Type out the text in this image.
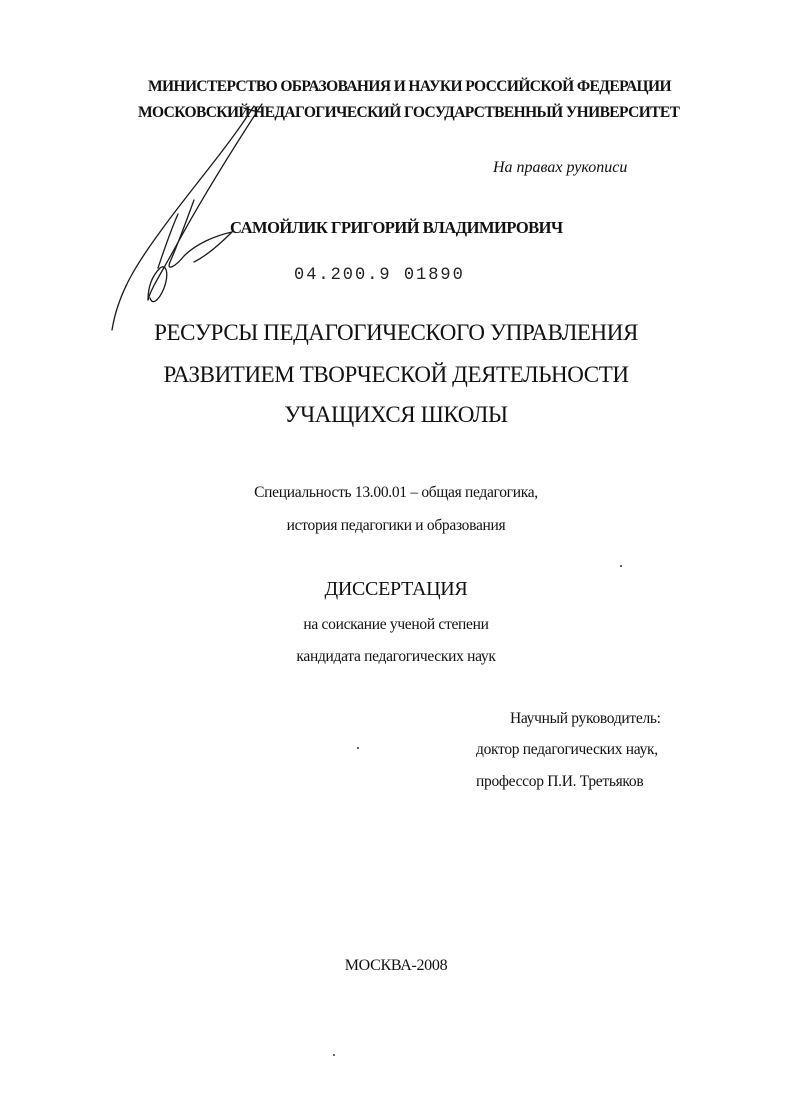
МИНИСТЕРСТВО ОБРАЗОВАНИЯ И НАУКИ РОССИЙСКОЙ ФЕДЕРАЦИИ
МОСКОВСКИЙ ПЕДАГОГИЧЕСКИЙ ГОСУДАРСТВЕННЫЙ УНИВЕРСИТЕТ
На правах рукописи
САМОЙЛИК ГРИГОРИЙ ВЛАДИМИРОВИЧ
04.200.9 01890
РЕСУРСЫ ПЕДАГОГИЧЕСКОГО УПРАВЛЕНИЯ
РАЗВИТИЕМ ТВОРЧЕСКОЙ ДЕЯТЕЛЬНОСТИ
УЧАЩИХСЯ ШКОЛЫ
Специальность 13.00.01 – общая педагогика,
история педагогики и образования
ДИССЕРТАЦИЯ
на соискание ученой степени
кандидата педагогических наук
Научный руководитель:
доктор педагогических наук,
профессор П.И. Третьяков
МОСКВА-2008
